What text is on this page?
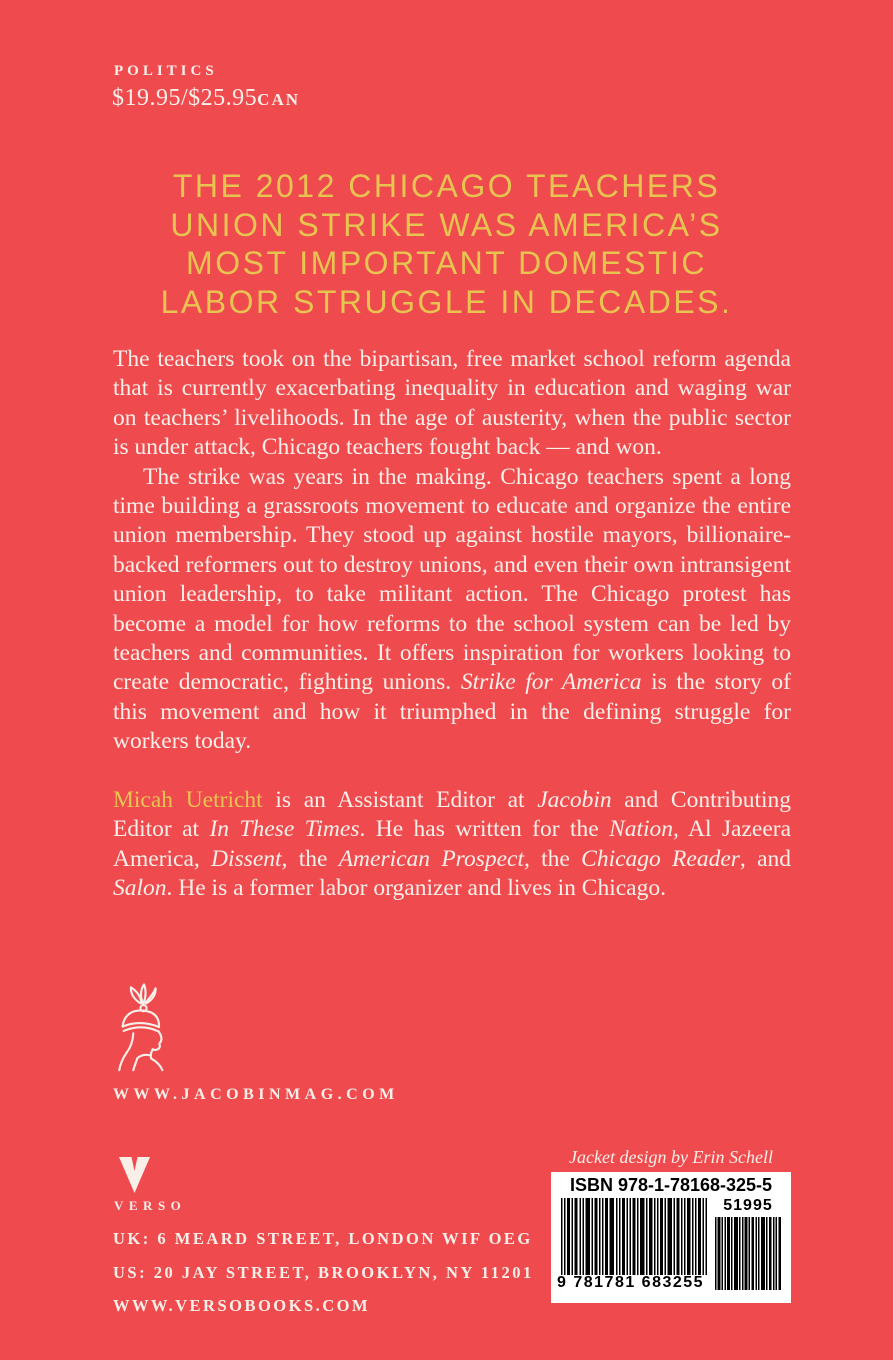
POLITICS
$19.95/$25.95CAN
THE 2012 CHICAGO TEACHERS
UNION STRIKE WAS AMERICA’S
MOST IMPORTANT DOMESTIC
LABOR STRUGGLE IN DECADES.

The teachers took on the bipartisan, free market school reform agenda that is currently exacerbating inequality in education and waging war on teachers’ livelihoods. In the age of austerity, when the public sector is under attack, Chicago teachers fought back — and won.

The strike was years in the making. Chicago teachers spent a long time building a grassroots movement to educate and organize the entire union membership. They stood up against hostile mayors, billionaire-backed reformers out to destroy unions, and even their own intransigent union leadership, to take militant action. The Chicago protest has become a model for how reforms to the school system can be led by teachers and communities. It offers inspiration for workers looking to create democratic, fighting unions. Strike for America is the story of this movement and how it triumphed in the defining struggle for workers today.

Micah Uetricht is an Assistant Editor at Jacobin and Contributing Editor at In These Times. He has written for the Nation, Al Jazeera America, Dissent, the American Prospect, the Chicago Reader, and Salon. He is a former labor organizer and lives in Chicago.

WWW.JACOBINMAG.COM
Jacket design by Erin Schell
VERSO
UK: 6 MEARD STREET, LONDON WIF OEG
US: 20 JAY STREET, BROOKLYN, NY 11201
WWW.VERSOBOOKS.COM
ISBN 978-1-78168-325-5
9 781781 683255
51995
